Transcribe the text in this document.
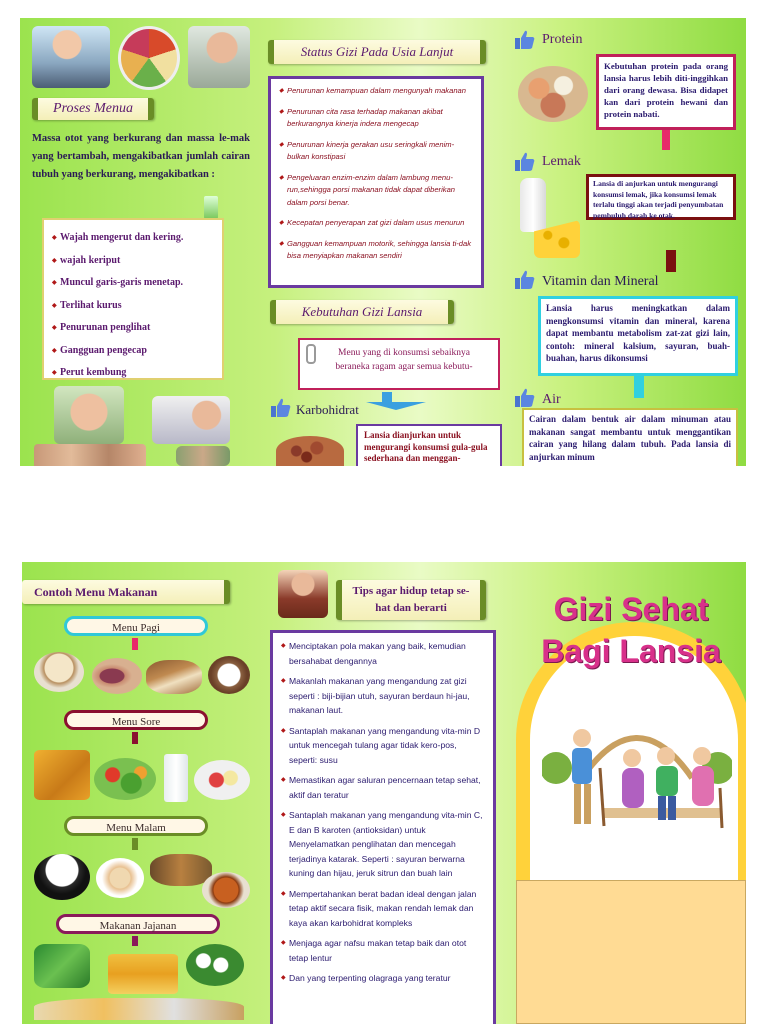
Proses Menua
Massa otot yang berkurang dan massa le-mak yang bertambah, mengakibatkan jumlah cairan tubuh yang berkurang, mengakibatkan :
◆ Wajah mengerut dan kering.
◆ wajah keriput
◆ Muncul garis-garis menetap.
◆ Terlihat kurus
◆ Penurunan penglihat
◆ Gangguan pengecap
◆ Perut kembung
Status Gizi Pada Usia Lanjut
◆ Penurunan kemampuan dalam mengunyah makanan
◆ Penurunan cita rasa terhadap makanan akibat berkurangnya kinerja indera mengecap
◆ Penurunan kinerja gerakan usu seringkali menim-bulkan konstipasi
◆ Pengeluaran enzim-enzim dalam lambung menu-run,sehingga porsi makanan tidak dapat diberikan dalam porsi benar.
◆ Kecepatan penyerapan zat gizi dalam usus menurun
◆ Gangguan kemampuan motorik, sehingga lansia ti-dak bisa menyiapkan makanan sendiri
Kebutuhan Gizi Lansia
Menu yang di konsumsi sebaiknya beraneka ragam agar semua kebutu-
Karbohidrat
Lansia dianjurkan untuk mengurangi konsumsi gula-gula sederhana dan menggan-
Protein
Kebutuhan protein pada orang lansia harus lebih diti-inggihkan dari orang dewasa. Bisa didapet kan dari protein hewani dan protein nabati.
Lemak
Lansia di anjurkan untuk mengurangi konsumsi lemak, jika konsumsi lemak terlalu tinggi akan terjadi penyumbatan pembuluh darah ke otak.
Vitamin dan Mineral
Lansia harus meningkatkan dalam mengkonsumsi vitamin dan mineral, karena dapat membantu metabolism zat-zat gizi lain, contoh: mineral kalsium, sayuran, buah-buahan, harus dikonsumsi
Air
Cairan dalam bentuk air dalam minuman atau makanan sangat membantu untuk menggantikan cairan yang hilang dalam tubuh. Pada lansia di anjurkan minum
Contoh Menu Makanan
Menu Pagi
Menu Sore
Menu Malam
Makanan Jajanan
Tips agar hidup tetap se-hat dan berarti
◆ Menciptakan pola makan yang baik, kemudian bersahabat dengannya
◆ Makanlah makanan yang mengandung zat gizi seperti : biji-bijian utuh, sayuran berdaun hi-jau, makanan laut.
◆ Santaplah makanan yang mengandung vita-min D untuk mencegah tulang agar tidak kero-pos, seperti: susu
◆ Memastikan agar saluran pencernaan tetap sehat, aktif dan teratur
◆ Santaplah makanan yang mengandung vita-min C, E dan B karoten (antioksidan) untuk Menyelamatkan penglihatan dan mencegah terjadinya katarak. Seperti : sayuran berwarna kuning dan hijau, jeruk sitrun dan buah lain
◆ Mempertahankan berat badan ideal dengan jalan tetap aktif secara fisik, makan rendah lemak dan kaya akan karbohidrat kompleks
◆ Menjaga agar nafsu makan tetap baik dan otot tetap lentur
◆ Dan yang terpenting olagraga yang teratur
Gizi Sehat
Bagi Lansia
